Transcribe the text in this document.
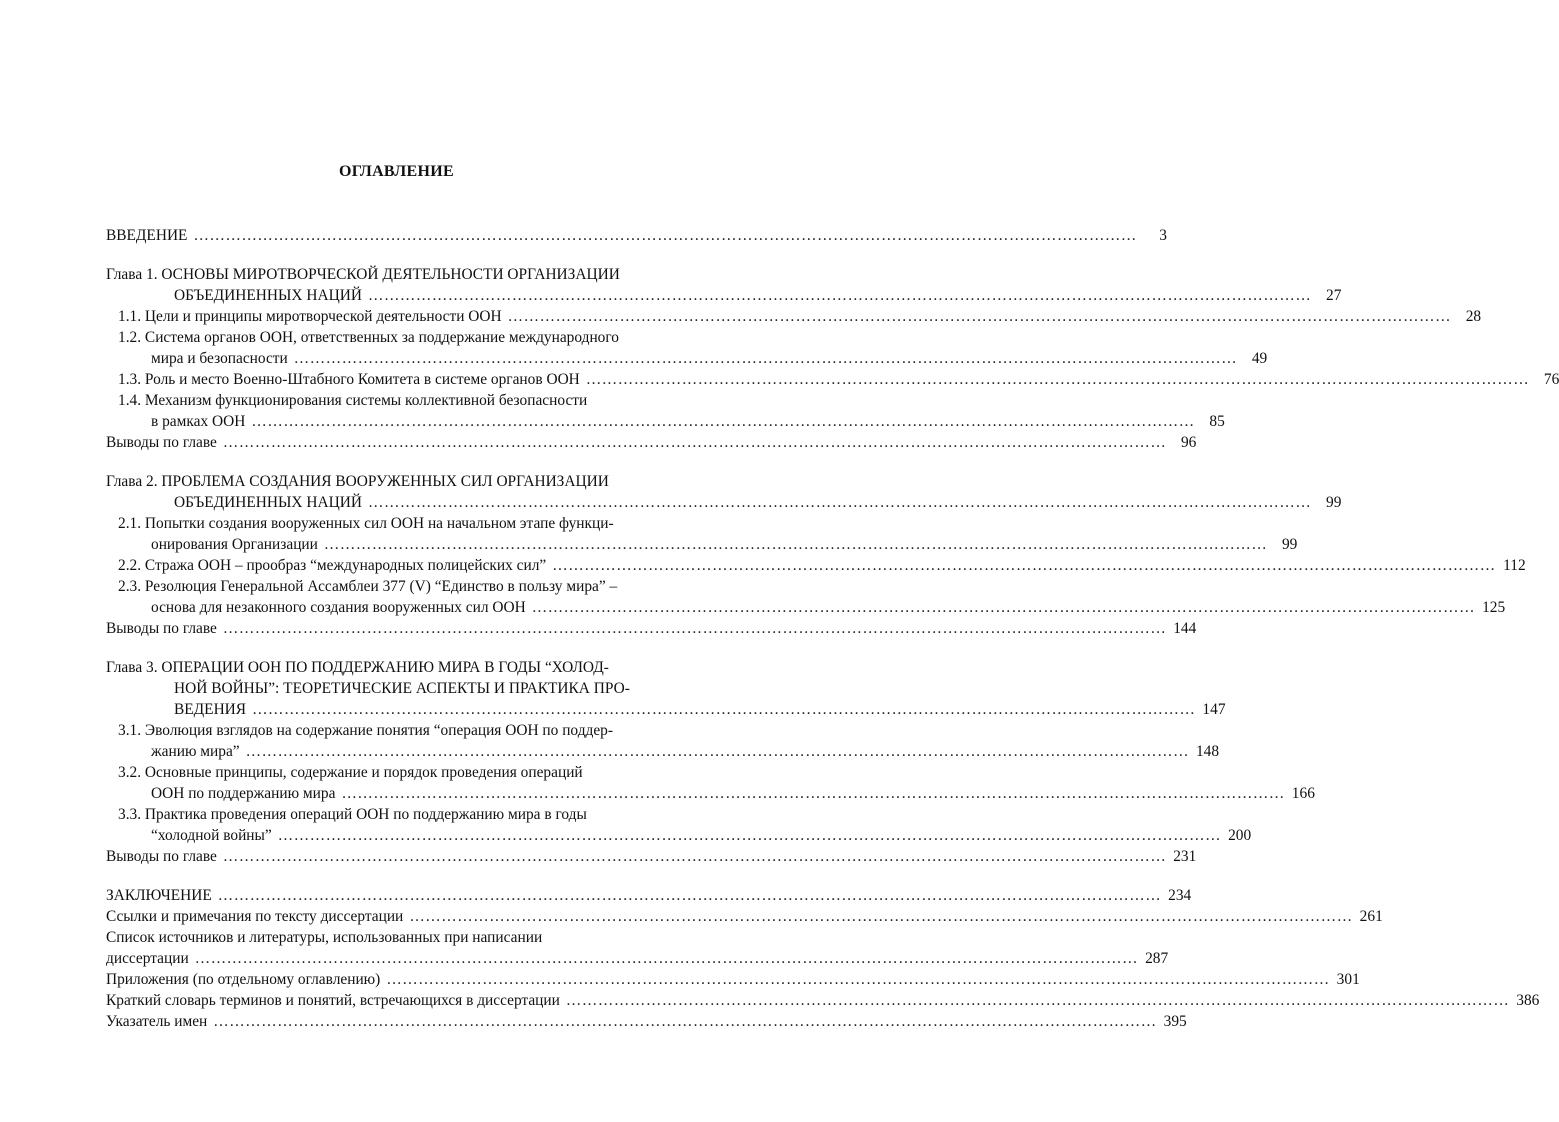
ОГЛАВЛЕНИЕ
ВВЕДЕНИЕ ……………………………………………………………………………………………………………………………………………………………	3
Глава 1. ОСНОВЫ МИРОТВОРЧЕСКОЙ ДЕЯТЕЛЬНОСТИ ОРГАНИЗАЦИИ
ОБЪЕДИНЕННЫХ НАЦИЙ …………………………………………………………………………………………………………………………………………………………… 27
1.1. Цели и принципы миротворческой деятельности ООН …………………………………………………………………………………………………………………………………………………………… 28
1.2. Система органов ООН, ответственных за поддержание международного
мира и безопасности …………………………………………………………………………………………………………………………………………………………… 49
1.3. Роль и место Военно-Штабного Комитета в системе органов ООН …………………………………………………………………………………………………………………………………………………………… 76
1.4. Механизм функционирования системы коллективной безопасности
в рамках ООН …………………………………………………………………………………………………………………………………………………………… 85
Выводы по главе …………………………………………………………………………………………………………………………………………………………… 96
Глава 2. ПРОБЛЕМА СОЗДАНИЯ ВООРУЖЕННЫХ СИЛ ОРГАНИЗАЦИИ
ОБЪЕДИНЕННЫХ НАЦИЙ …………………………………………………………………………………………………………………………………………………………… 99
2.1. Попытки создания вооруженных сил ООН на начальном этапе функци-
онирования Организации …………………………………………………………………………………………………………………………………………………………… 99
2.2. Стража ООН – прообраз “международных полицейских сил” …………………………………………………………………………………………………………………………………………………………… 112
2.3. Резолюция Генеральной Ассамблеи 377 (V) “Единство в пользу мира” –
основа для незаконного создания вооруженных сил ООН …………………………………………………………………………………………………………………………………………………………… 125
Выводы по главе …………………………………………………………………………………………………………………………………………………………… 144
Глава 3. ОПЕРАЦИИ ООН ПО ПОДДЕРЖАНИЮ МИРА В ГОДЫ “ХОЛОД-
НОЙ ВОЙНЫ”: ТЕОРЕТИЧЕСКИЕ АСПЕКТЫ И ПРАКТИКА ПРО-
ВЕДЕНИЯ …………………………………………………………………………………………………………………………………………………………… 147
3.1. Эволюция взглядов на содержание понятия “операция ООН по поддер-
жанию мира” …………………………………………………………………………………………………………………………………………………………… 148
3.2. Основные принципы, содержание и порядок проведения операций
ООН по поддержанию мира …………………………………………………………………………………………………………………………………………………………… 166
3.3. Практика проведения операций ООН по поддержанию мира в годы
“холодной войны” …………………………………………………………………………………………………………………………………………………………… 200
Выводы по главе …………………………………………………………………………………………………………………………………………………………… 231
ЗАКЛЮЧЕНИЕ …………………………………………………………………………………………………………………………………………………………… 234
Ссылки и примечания по тексту диссертации …………………………………………………………………………………………………………………………………………………………… 261
Список источников и литературы, использованных при написании
диссертации …………………………………………………………………………………………………………………………………………………………… 287
Приложения (по отдельному оглавлению) …………………………………………………………………………………………………………………………………………………………… 301
Краткий словарь терминов и понятий, встречающихся в диссертации …………………………………………………………………………………………………………………………………………………………… 386
Указатель имен …………………………………………………………………………………………………………………………………………………………… 395
